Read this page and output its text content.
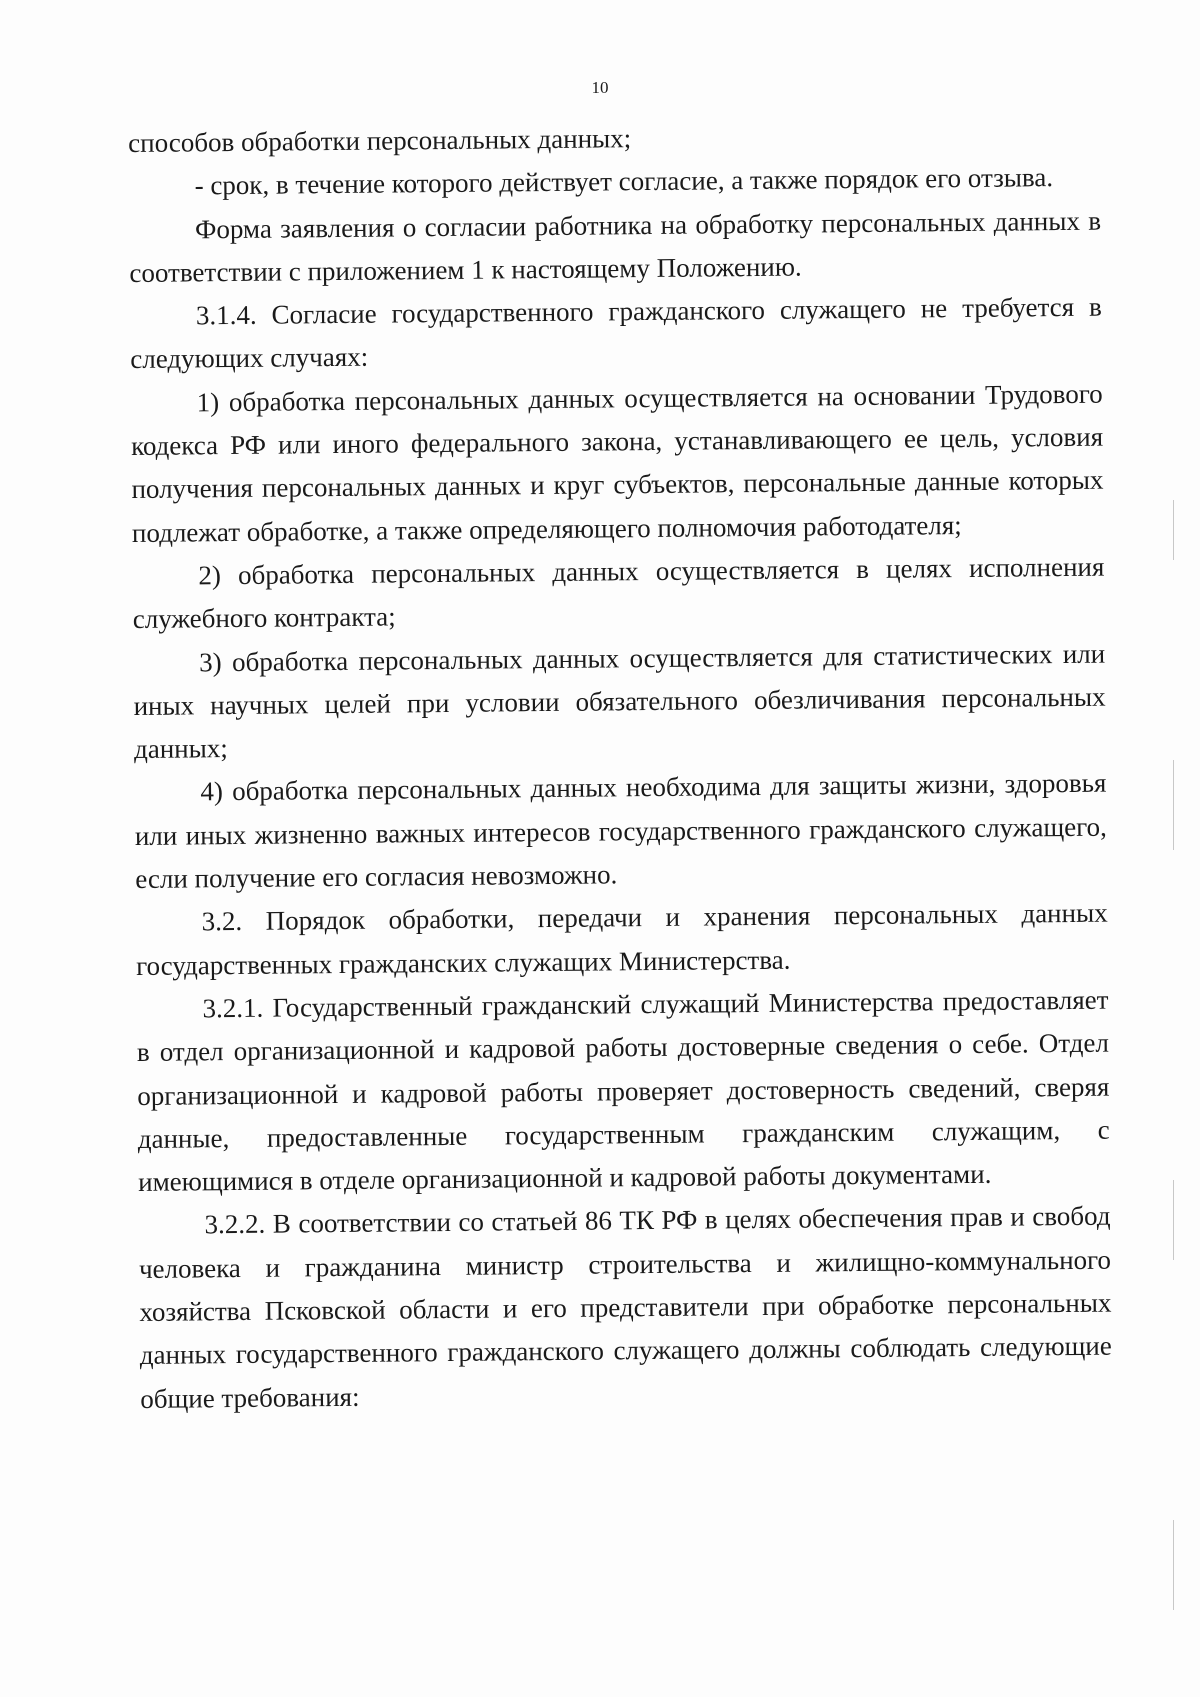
10

способов обработки персональных данных;

- срок, в течение которого действует согласие, а также порядок его отзыва.

Форма заявления о согласии работника на обработку персональных данных в соответствии с приложением 1 к настоящему Положению.

3.1.4. Согласие государственного гражданского служащего не требуется в следующих случаях:

1) обработка персональных данных осуществляется на основании Трудового кодекса РФ или иного федерального закона, устанавливающего ее цель, условия получения персональных данных и круг субъектов, персональные данные которых подлежат обработке, а также определяющего полномочия работодателя;

2) обработка персональных данных осуществляется в целях исполнения служебного контракта;

3) обработка персональных данных осуществляется для статистических или иных научных целей при условии обязательного обезличивания персональных данных;

4) обработка персональных данных необходима для защиты жизни, здоровья или иных жизненно важных интересов государственного гражданского служащего, если получение его согласия невозможно.

3.2. Порядок обработки, передачи и хранения персональных данных государственных гражданских служащих Министерства.

3.2.1. Государственный гражданский служащий Министерства предоставляет в отдел организационной и кадровой работы достоверные сведения о себе. Отдел организационной и кадровой работы проверяет достоверность сведений, сверяя данные, предоставленные государственным гражданским служащим, с имеющимися в отделе организационной и кадровой работы документами.

3.2.2. В соответствии со статьей 86 ТК РФ в целях обеспечения прав и свобод человека и гражданина министр строительства и жилищно-коммунального хозяйства Псковской области и его представители при обработке персональных данных государственного гражданского служащего должны соблюдать следующие общие требования:
